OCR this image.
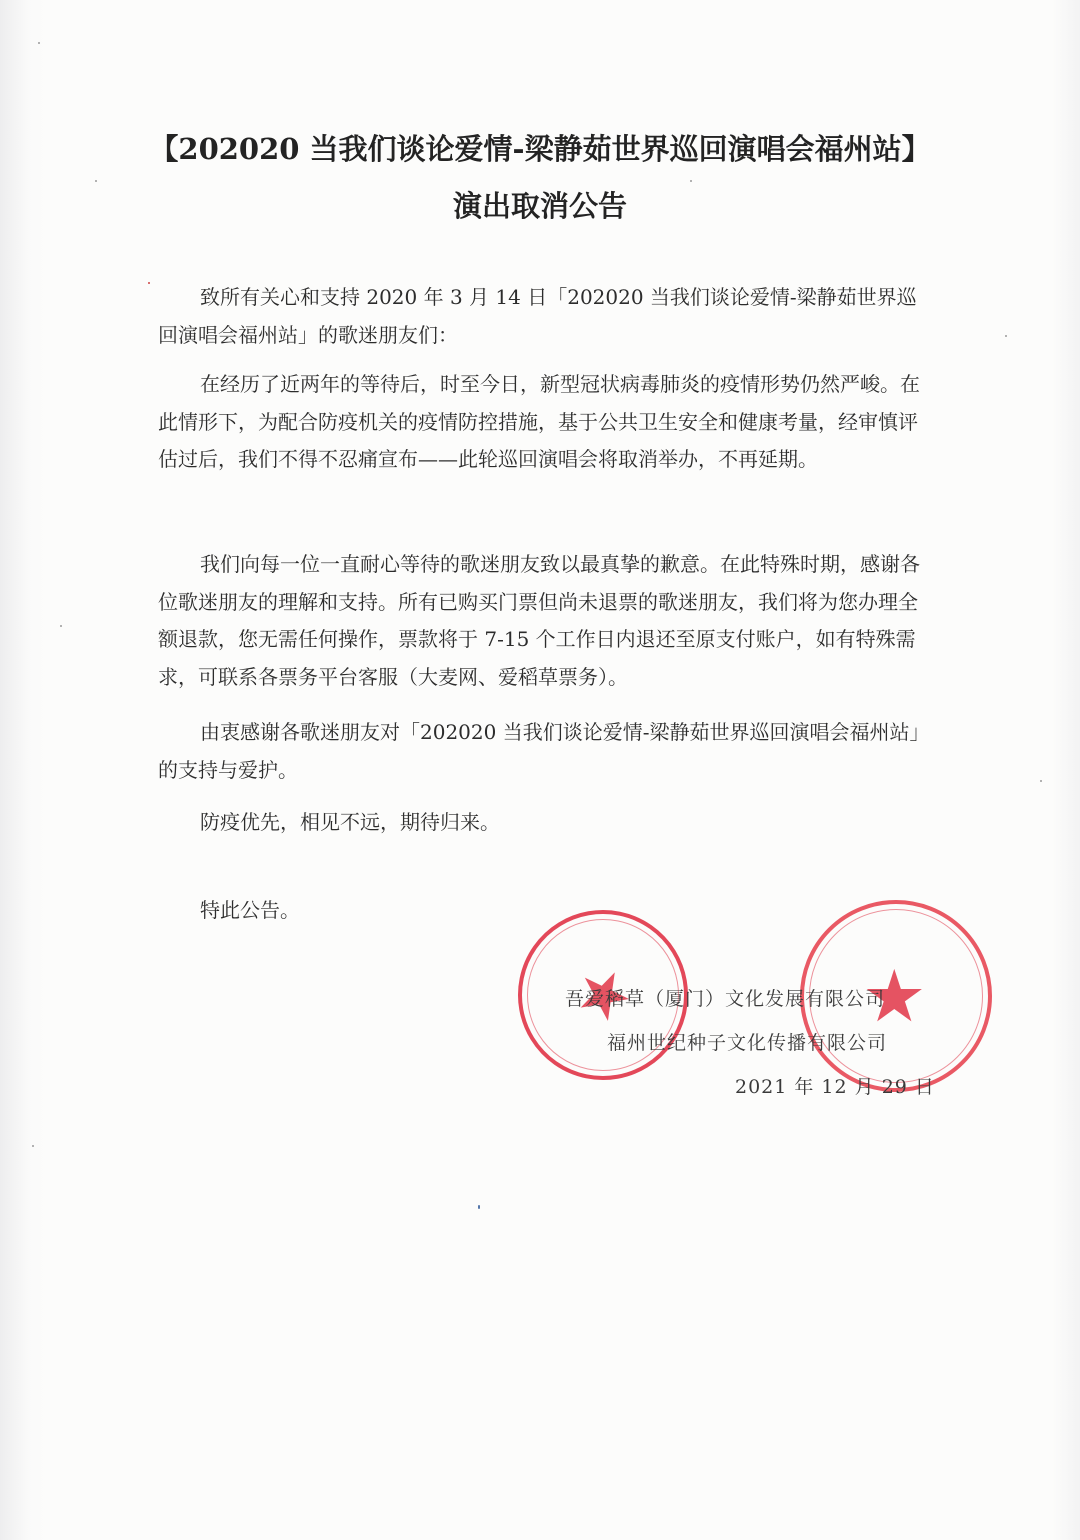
【202020 当我们谈论爱情-梁静茹世界巡回演唱会福州站】
演出取消公告
致所有关心和支持 2020 年 3 月 14 日「202020 当我们谈论爱情-梁静茹世界巡回演唱会福州站」的歌迷朋友们：
在经历了近两年的等待后，时至今日，新型冠状病毒肺炎的疫情形势仍然严峻。在此情形下，为配合防疫机关的疫情防控措施，基于公共卫生安全和健康考量，经审慎评估过后，我们不得不忍痛宣布——此轮巡回演唱会将取消举办，不再延期。
我们向每一位一直耐心等待的歌迷朋友致以最真挚的歉意。在此特殊时期，感谢各位歌迷朋友的理解和支持。所有已购买门票但尚未退票的歌迷朋友，我们将为您办理全额退款，您无需任何操作，票款将于 7-15 个工作日内退还至原支付账户，如有特殊需求，可联系各票务平台客服（大麦网、爱稻草票务）。
由衷感谢各歌迷朋友对「202020 当我们谈论爱情-梁静茹世界巡回演唱会福州站」的支持与爱护。
防疫优先，相见不远，期待归来。
特此公告。
★	★
吾爱稻草（厦门）文化发展有限公司
福州世纪种子文化传播有限公司
2021 年 12 月 29 日
